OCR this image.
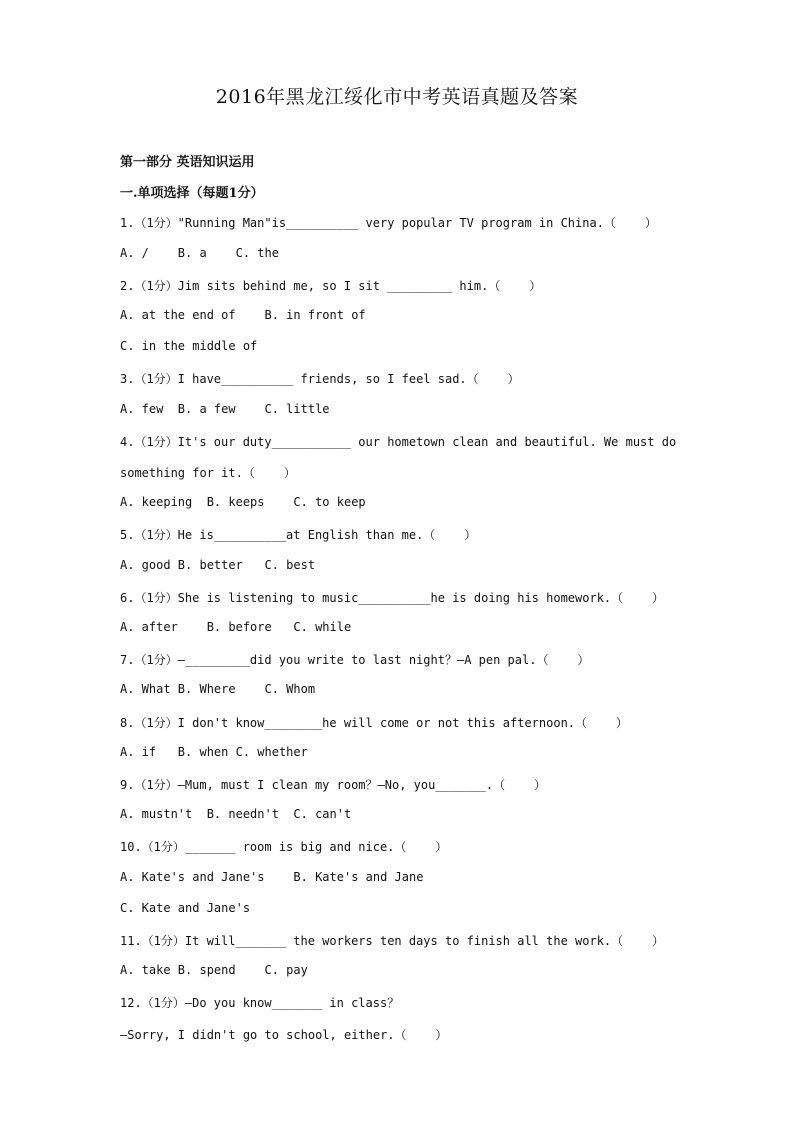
2016年黑龙江绥化市中考英语真题及答案
第一部分 英语知识运用
一.单项选择（每题1分）
1.（1分）"Running Man"is__________ very popular TV program in China.（    ）
A. /    B. a    C. the
2.（1分）Jim sits behind me, so I sit _________ him.（    ）
A. at the end of    B. in front of
C. in the middle of
3.（1分）I have__________ friends, so I feel sad.（    ）
A. few  B. a few    C. little
4.（1分）It's our duty___________ our hometown clean and beautiful. We must do
something for it.（    ）
A. keeping  B. keeps    C. to keep
5.（1分）He is__________at English than me.（    ）
A. good B. better   C. best
6.（1分）She is listening to music__________he is doing his homework.（    ）
A. after    B. before   C. while
7.（1分）—_________did you write to last night？—A pen pal.（    ）
A. What B. Where    C. Whom
8.（1分）I don't know________he will come or not this afternoon.（    ）
A. if   B. when C. whether
9.（1分）—Mum, must I clean my room？–No, you_______.（    ）
A. mustn't  B. needn't  C. can't
10.（1分）_______ room is big and nice.（    ）
A. Kate's and Jane's    B. Kate's and Jane
C. Kate and Jane's
11.（1分）It will_______ the workers ten days to finish all the work.（    ）
A. take B. spend    C. pay
12.（1分）–Do you know_______ in class？
–Sorry, I didn't go to school, either.（    ）
